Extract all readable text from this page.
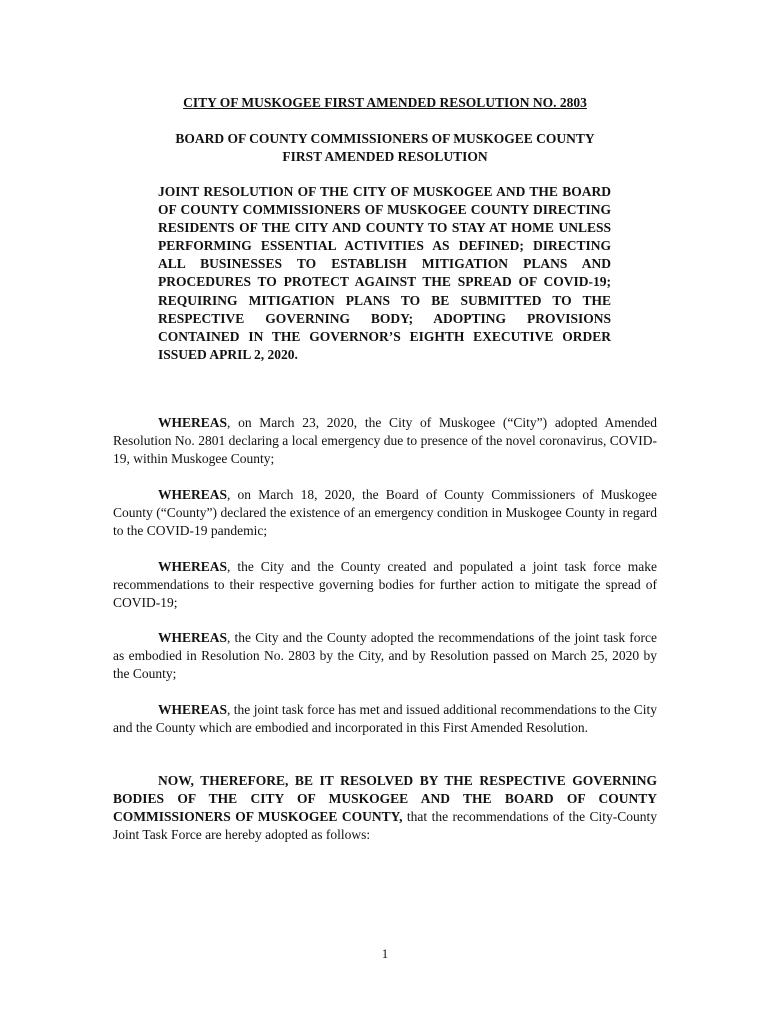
CITY OF MUSKOGEE FIRST AMENDED RESOLUTION NO. 2803

BOARD OF COUNTY COMMISSIONERS OF MUSKOGEE COUNTY
FIRST AMENDED RESOLUTION

JOINT RESOLUTION OF THE CITY OF MUSKOGEE AND THE BOARD OF COUNTY COMMISSIONERS OF MUSKOGEE COUNTY DIRECTING RESIDENTS OF THE CITY AND COUNTY TO STAY AT HOME UNLESS PERFORMING ESSENTIAL ACTIVITIES AS DEFINED; DIRECTING ALL BUSINESSES TO ESTABLISH MITIGATION PLANS AND PROCEDURES TO PROTECT AGAINST THE SPREAD OF COVID-19; REQUIRING MITIGATION PLANS TO BE SUBMITTED TO THE RESPECTIVE GOVERNING BODY; ADOPTING PROVISIONS CONTAINED IN THE GOVERNOR’S EIGHTH EXECUTIVE ORDER ISSUED APRIL 2, 2020.

WHEREAS, on March 23, 2020, the City of Muskogee (“City”) adopted Amended Resolution No. 2801 declaring a local emergency due to presence of the novel coronavirus, COVID-19, within Muskogee County;

WHEREAS, on March 18, 2020, the Board of County Commissioners of Muskogee County (“County”) declared the existence of an emergency condition in Muskogee County in regard to the COVID-19 pandemic;

WHEREAS, the City and the County created and populated a joint task force make recommendations to their respective governing bodies for further action to mitigate the spread of COVID-19;

WHEREAS, the City and the County adopted the recommendations of the joint task force as embodied in Resolution No. 2803 by the City, and by Resolution passed on March 25, 2020 by the County;

WHEREAS, the joint task force has met and issued additional recommendations to the City and the County which are embodied and incorporated in this First Amended Resolution.

NOW, THEREFORE, BE IT RESOLVED BY THE RESPECTIVE GOVERNING BODIES OF THE CITY OF MUSKOGEE AND THE BOARD OF COUNTY COMMISSIONERS OF MUSKOGEE COUNTY, that the recommendations of the City-County Joint Task Force are hereby adopted as follows:

1
